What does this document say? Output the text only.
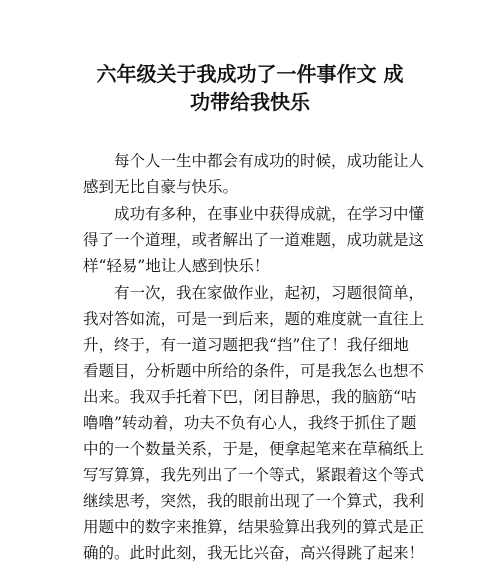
六年级关于我成功了一件事作文 成
功带给我快乐

每个人一生中都会有成功的时候，成功能让人

感到无比自豪与快乐。

成功有多种，在事业中获得成就，在学习中懂

得了一个道理，或者解出了一道难题，成功就是这

样“轻易”地让人感到快乐！

有一次，我在家做作业，起初，习题很简单，

我对答如流，可是一到后来，题的难度就一直往上

升，终于，有一道习题把我“挡”住了！我仔细地

看题目，分析题中所给的条件，可是我怎么也想不

出来。我双手托着下巴，闭目静思，我的脑筋“咕

噜噜”转动着，功夫不负有心人，我终于抓住了题

中的一个数量关系，于是，便拿起笔来在草稿纸上

写写算算，我先列出了一个等式，紧跟着这个等式

继续思考，突然，我的眼前出现了一个算式，我利

用题中的数字来推算，结果验算出我列的算式是正

确的。此时此刻，我无比兴奋，高兴得跳了起来！
